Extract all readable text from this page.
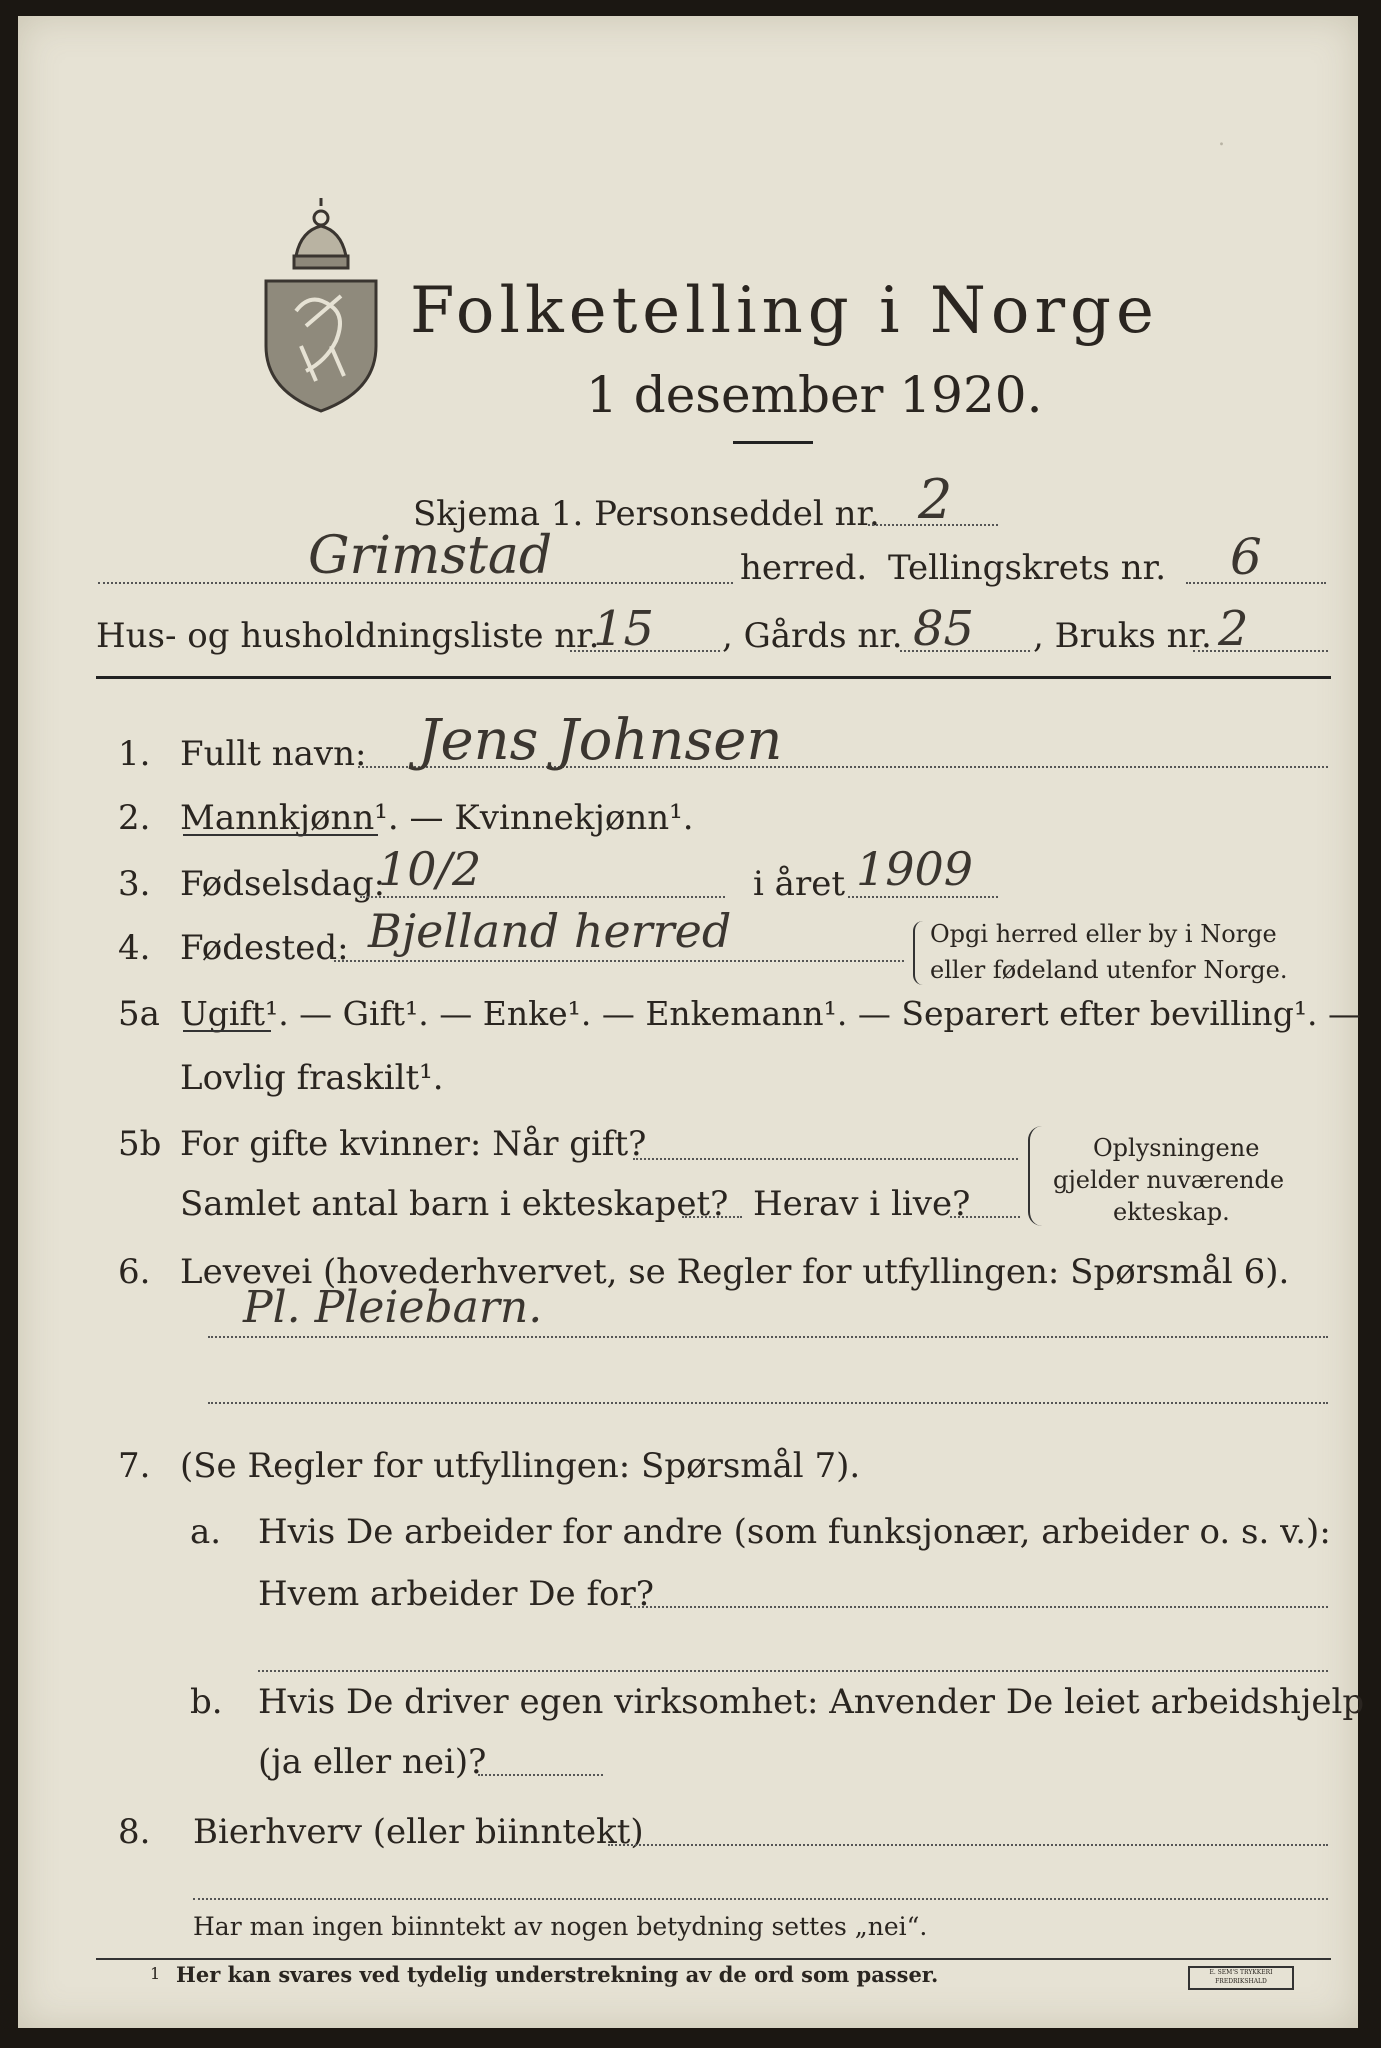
.
Folketelling i Norge
1 desember 1920.
Skjema 1. Personseddel nr. 2
Grimstad	herred. Tellingskrets nr. 6
Hus- og husholdningsliste nr.
15 , Gårds nr. 85 , Bruks nr. 2
1. Fullt navn: Jens Johnsen
2. Mannkjønn¹. — Kvinnekjønn¹.
3. Fødselsdag:
10/2	i året 1909
4. Fødested: Bjelland herred	Opgi herred eller by i Norge
eller fødeland utenfor Norge.
5a Ugift¹. — Gift¹. — Enke¹. — Enkemann¹. — Separert efter bevilling¹. —
Lovlig fraskilt¹.
5b For gifte kvinner: Når gift?	Oplysningene
gjelder nuværende
ekteskap.
Samlet antal barn i ekteskapet? Herav i live?
6. Levevei (hovederhvervet, se Regler for utfyllingen: Spørsmål 6).
Pl. Pleiebarn.
7. (Se Regler for utfyllingen: Spørsmål 7).
a. Hvis De arbeider for andre (som funksjonær, arbeider o. s. v.):
Hvem arbeider De for?
b. Hvis De driver egen virksomhet: Anvender De leiet arbeidshjelp
(ja eller nei)?
8. Bierhverv (eller biinntekt)
Har man ingen biinntekt av nogen betydning settes „nei“.
1 Her kan svares ved tydelig understrekning av de ord som passer.	E. SEM'S TRYKKERI FREDRIKSHALD
